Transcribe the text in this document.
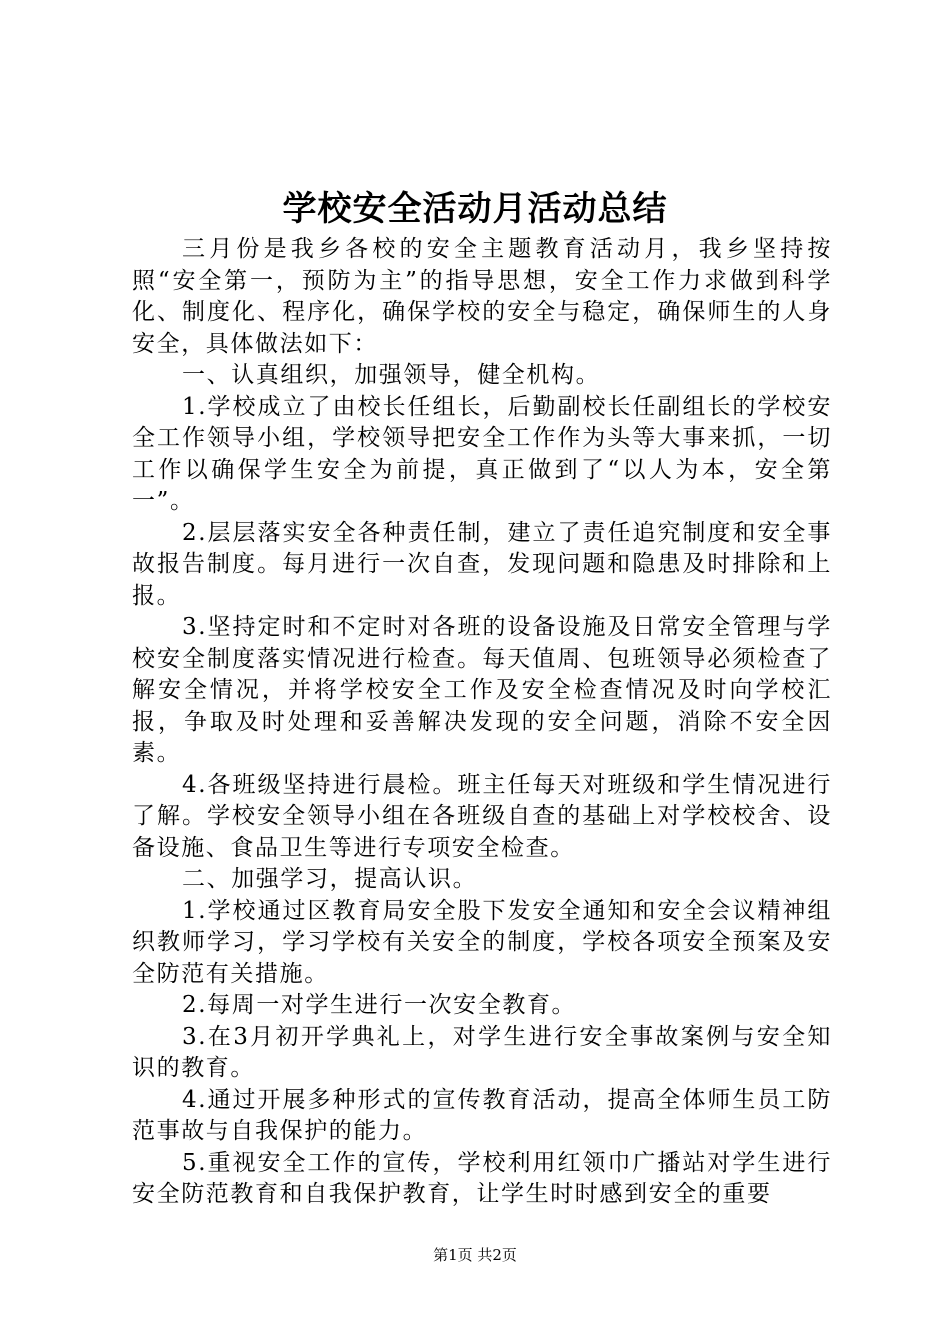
学校安全活动月活动总结

三月份是我乡各校的安全主题教育活动月，我乡坚持按照“安全第一，预防为主”的指导思想，安全工作力求做到科学化、制度化、程序化，确保学校的安全与稳定，确保师生的人身安全，具体做法如下：

一、认真组织，加强领导，健全机构。

1.学校成立了由校长任组长，后勤副校长任副组长的学校安全工作领导小组，学校领导把安全工作作为头等大事来抓，一切工作以确保学生安全为前提，真正做到了“以人为本，安全第一”。

2.层层落实安全各种责任制，建立了责任追究制度和安全事故报告制度。每月进行一次自查，发现问题和隐患及时排除和上报。

3.坚持定时和不定时对各班的设备设施及日常安全管理与学校安全制度落实情况进行检查。每天值周、包班领导必须检查了解安全情况，并将学校安全工作及安全检查情况及时向学校汇报，争取及时处理和妥善解决发现的安全问题，消除不安全因素。

4.各班级坚持进行晨检。班主任每天对班级和学生情况进行了解。学校安全领导小组在各班级自查的基础上对学校校舍、设备设施、食品卫生等进行专项安全检查。

二、加强学习，提高认识。

1.学校通过区教育局安全股下发安全通知和安全会议精神组织教师学习，学习学校有关安全的制度，学校各项安全预案及安全防范有关措施。

2.每周一对学生进行一次安全教育。

3.在3月初开学典礼上，对学生进行安全事故案例与安全知识的教育。

4.通过开展多种形式的宣传教育活动，提高全体师生员工防范事故与自我保护的能力。

5.重视安全工作的宣传，学校利用红领巾广播站对学生进行安全防范教育和自我保护教育，让学生时时感到安全的重要

第1页 共2页
